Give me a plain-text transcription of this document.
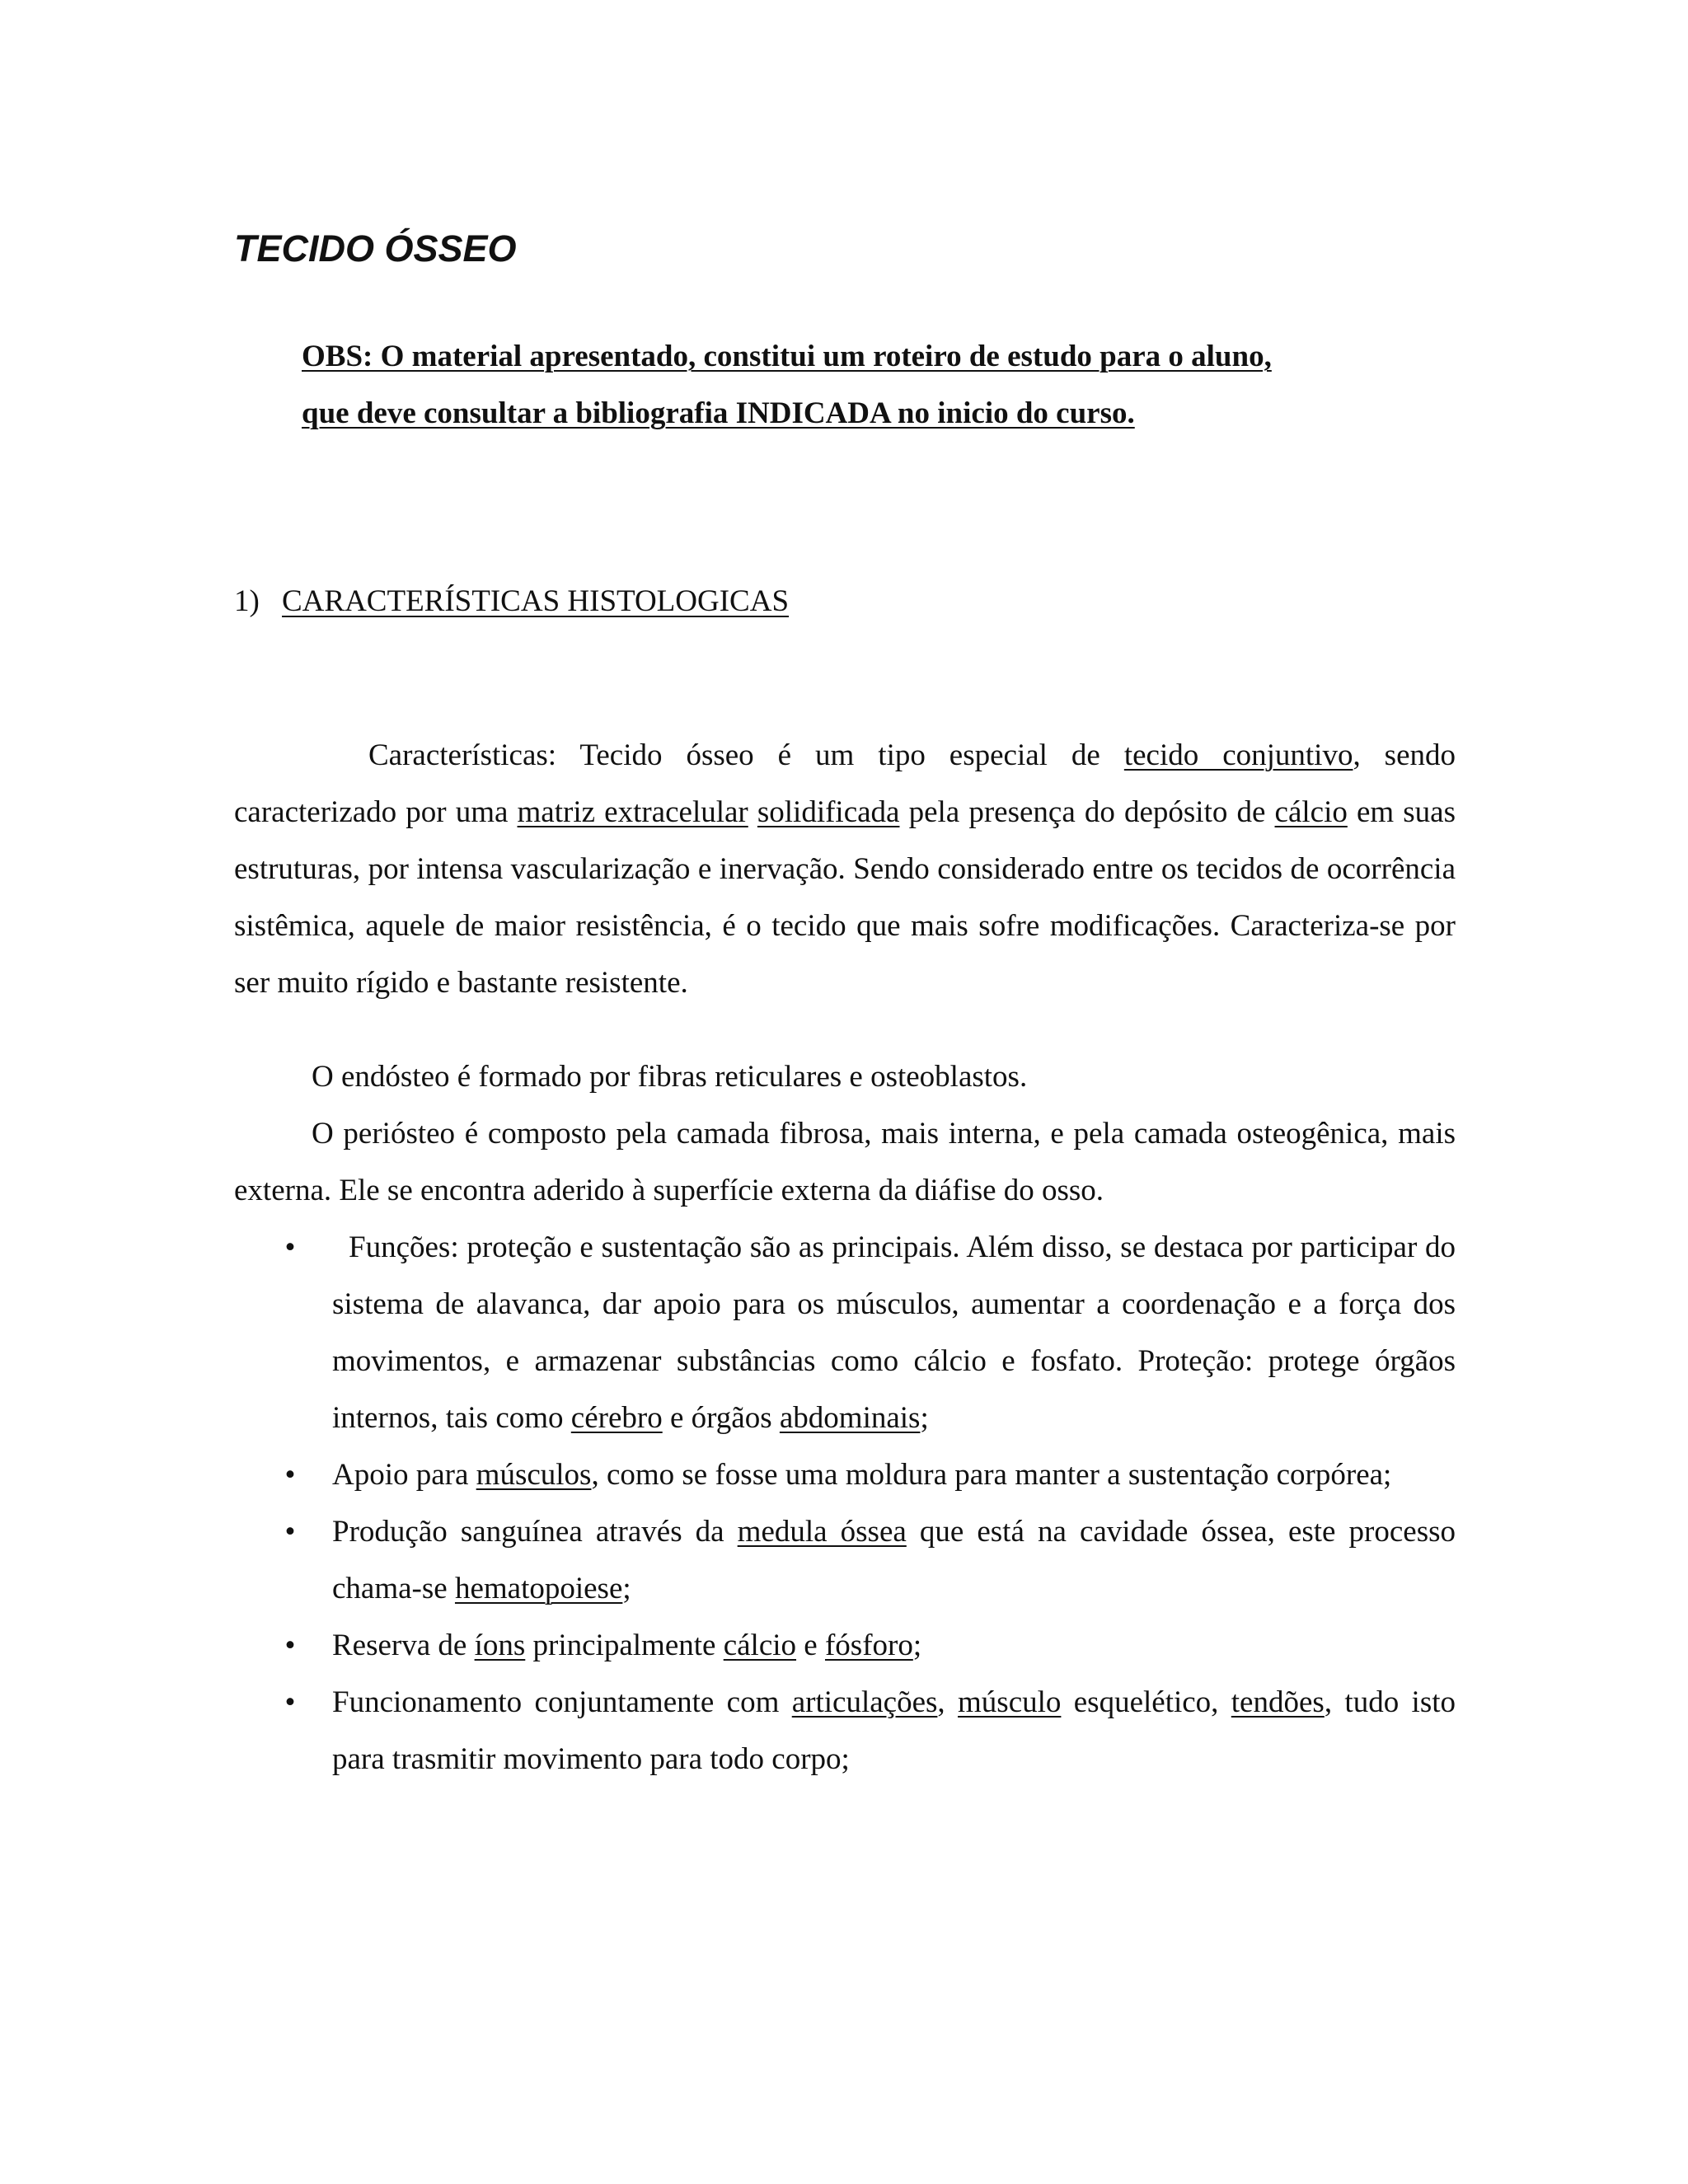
TECIDO ÓSSEO
OBS: O material apresentado, constitui um roteiro de estudo para o aluno,
que deve consultar a bibliografia INDICADA no inicio do curso.
1) CARACTERÍSTICAS HISTOLOGICAS

Características: Tecido ósseo é um tipo especial de tecido conjuntivo, sendo caracterizado por uma matriz extracelular solidificada pela presença do depósito de cálcio em suas estruturas, por intensa vascularização e inervação. Sendo considerado entre os tecidos de ocorrência sistêmica, aquele de maior resistência, é o tecido que mais sofre modificações. Caracteriza-se por ser muito rígido e bastante resistente.

O endósteo é formado por fibras reticulares e osteoblastos.

O periósteo é composto pela camada fibrosa, mais interna, e pela camada osteogênica, mais externa. Ele se encontra aderido à superfície externa da diáfise do osso.

• Funções: proteção e sustentação são as principais. Além disso, se destaca por participar do sistema de alavanca, dar apoio para os músculos, aumentar a coordenação e a força dos movimentos, e armazenar substâncias como cálcio e fosfato. Proteção: protege órgãos internos, tais como cérebro e órgãos abdominais;
• Apoio para músculos, como se fosse uma moldura para manter a sustentação corpórea;
• Produção sanguínea através da medula óssea que está na cavidade óssea, este processo chama-se hematopoiese;
• Reserva de íons principalmente cálcio e fósforo;
• Funcionamento conjuntamente com articulações, músculo esquelético, tendões, tudo isto para trasmitir movimento para todo corpo;
